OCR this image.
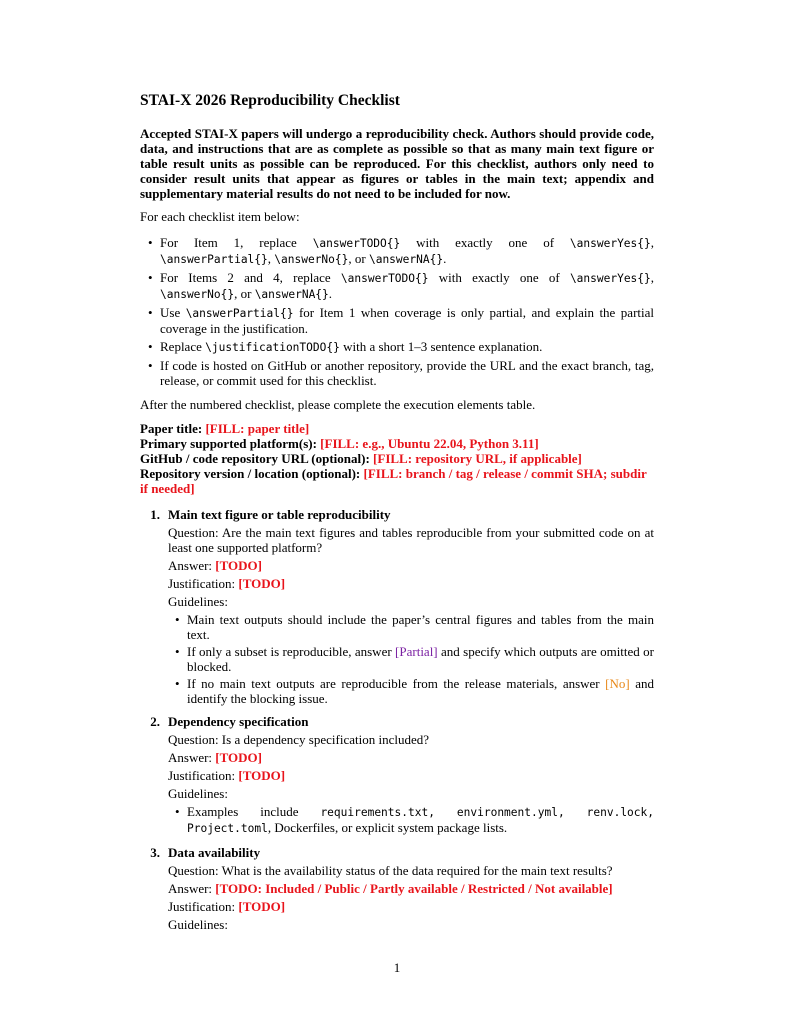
STAI-X 2026 Reproducibility Checklist
Accepted STAI-X papers will undergo a reproducibility check. Authors should provide code, data, and instructions that are as complete as possible so that as many main text figure or table result units as possible can be reproduced. For this checklist, authors only need to consider result units that appear as figures or tables in the main text; appendix and supplementary material results do not need to be included for now.
For each checklist item below:
• For Item 1, replace \answerTODO{} with exactly one of \answerYes{}, \answerPartial{}, \answerNo{}, or \answerNA{}.
• For Items 2 and 4, replace \answerTODO{} with exactly one of \answerYes{}, \answerNo{}, or \answerNA{}.
• Use \answerPartial{} for Item 1 when coverage is only partial, and explain the partial coverage in the justification.
• Replace \justificationTODO{} with a short 1–3 sentence explanation.
• If code is hosted on GitHub or another repository, provide the URL and the exact branch, tag, release, or commit used for this checklist.
After the numbered checklist, please complete the execution elements table.
Paper title: [FILL: paper title]
Primary supported platform(s): [FILL: e.g., Ubuntu 22.04, Python 3.11]
GitHub / code repository URL (optional): [FILL: repository URL, if applicable]
Repository version / location (optional): [FILL: branch / tag / release / commit SHA; subdir if needed]
1. Main text figure or table reproducibility
Question: Are the main text figures and tables reproducible from your submitted code on at least one supported platform?
Answer: [TODO]
Justification: [TODO]
Guidelines:
• Main text outputs should include the paper’s central figures and tables from the main text.
• If only a subset is reproducible, answer [Partial] and specify which outputs are omitted or blocked.
• If no main text outputs are reproducible from the release materials, answer [No] and identify the blocking issue.
2. Dependency specification
Question: Is a dependency specification included?
Answer: [TODO]
Justification: [TODO]
Guidelines:
• Examples include requirements.txt, environment.yml, renv.lock,
Project.toml, Dockerfiles, or explicit system package lists.
3. Data availability
Question: What is the availability status of the data required for the main text results?
Answer: [TODO: Included / Public / Partly available / Restricted / Not available]
Justification: [TODO]
Guidelines:
1
